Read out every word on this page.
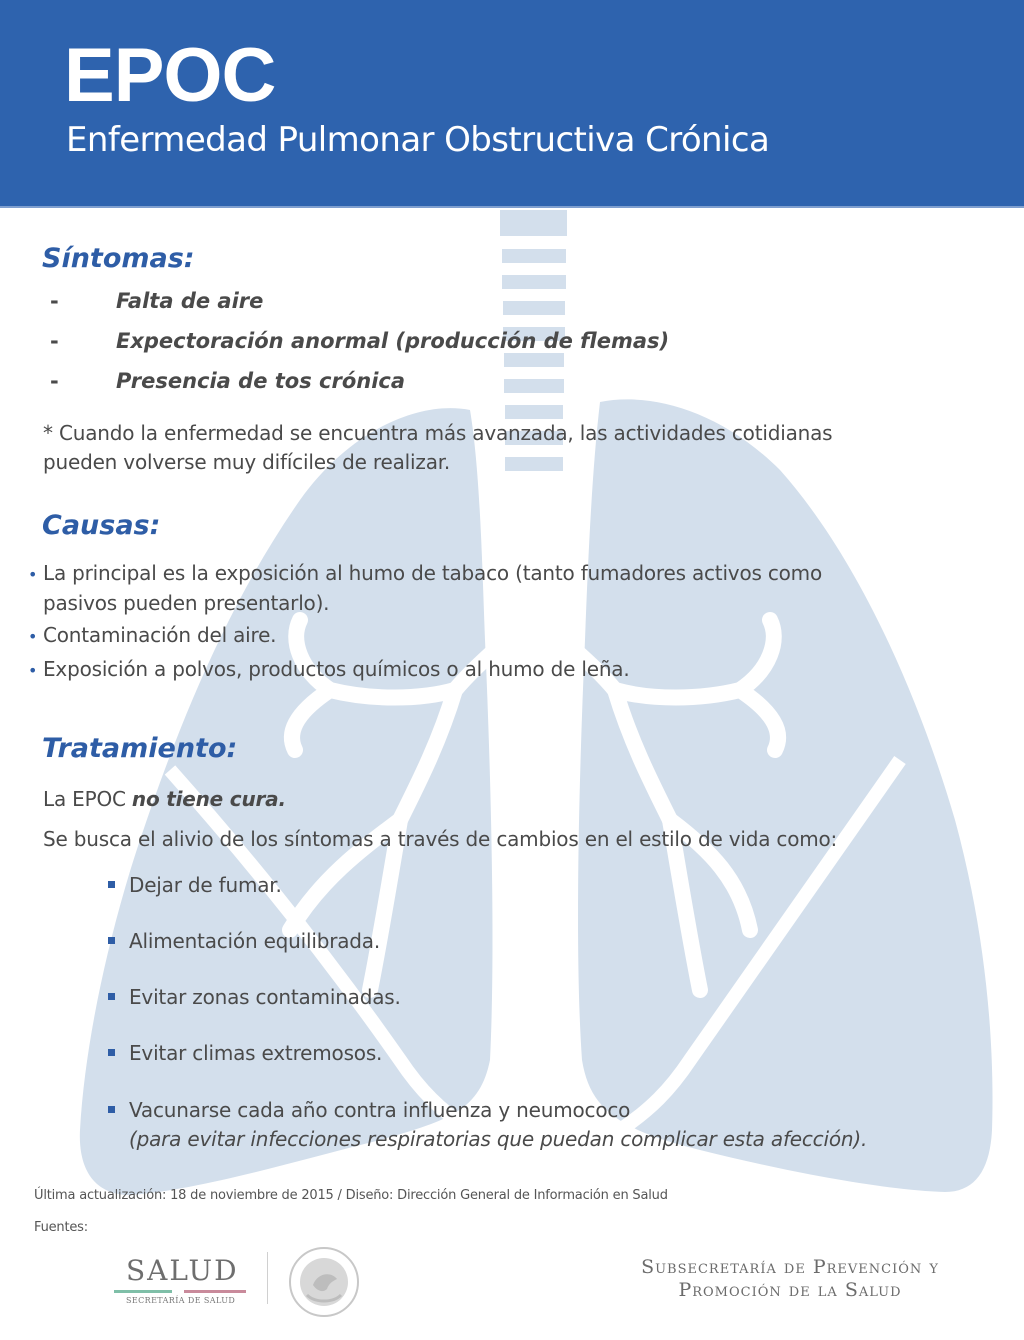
EPOC
Enfermedad Pulmonar Obstructiva Crónica
Síntomas:
-	Falta de aire
-	Expectoración anormal (producción de flemas)
-	Presencia de tos crónica
* Cuando la enfermedad se encuentra más avanzada, las actividades cotidianas
pueden volverse muy difíciles de realizar.
Causas:
• La principal es la exposición al humo de tabaco (tanto fumadores activos como
pasivos pueden presentarlo).
• Contaminación del aire.
• Exposición a polvos, productos químicos o al humo de leña.
Tratamiento:
La EPOC no tiene cura.
Se busca el alivio de los síntomas a través de cambios en el estilo de vida como:
Dejar de fumar.
Alimentación equilibrada.
Evitar zonas contaminadas.
Evitar climas extremosos.
Vacunarse cada año contra influenza y neumococo
(para evitar infecciones respiratorias que puedan complicar esta afección).
Última actualización: 18 de noviembre de 2015 / Diseño: Dirección General de Información en Salud
Fuentes:
SALUD
SECRETARÍA DE SALUD
Subsecretaría de Prevención y
Promoción de la Salud
